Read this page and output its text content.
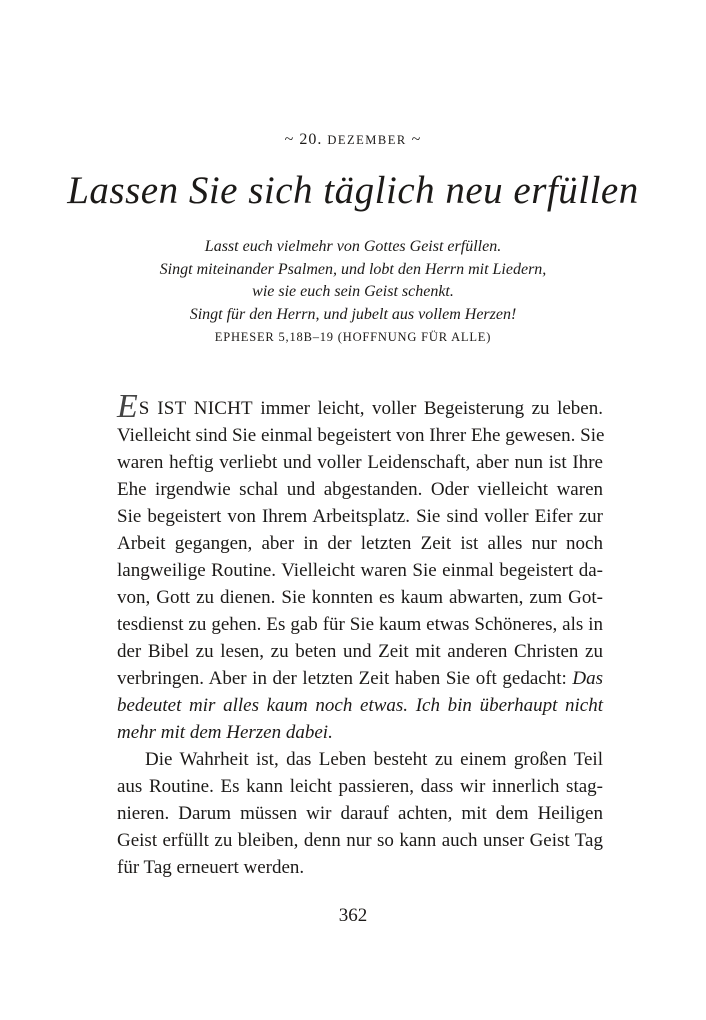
~ 20. DEZEMBER ~
Lassen Sie sich täglich neu erfüllen
Lasst euch vielmehr von Gottes Geist erfüllen.
Singt miteinander Psalmen, und lobt den Herrn mit Liedern,
wie sie euch sein Geist schenkt.
Singt für den Herrn, und jubelt aus vollem Herzen!
EPHESER 5,18B–19 (HOFFNUNG FÜR ALLE)
ES IST NICHT immer leicht, voller Begeisterung zu leben.
Vielleicht sind Sie einmal begeistert von Ihrer Ehe gewesen. Sie
waren heftig verliebt und voller Leidenschaft, aber nun ist Ihre
Ehe irgendwie schal und abgestanden. Oder vielleicht waren
Sie begeistert von Ihrem Arbeitsplatz. Sie sind voller Eifer zur
Arbeit gegangen, aber in der letzten Zeit ist alles nur noch
langweilige Routine. Vielleicht waren Sie einmal begeistert da-
von, Gott zu dienen. Sie konnten es kaum abwarten, zum Got-
tesdienst zu gehen. Es gab für Sie kaum etwas Schöneres, als in
der Bibel zu lesen, zu beten und Zeit mit anderen Christen zu
verbringen. Aber in der letzten Zeit haben Sie oft gedacht: Das
bedeutet mir alles kaum noch etwas. Ich bin überhaupt nicht
mehr mit dem Herzen dabei.
Die Wahrheit ist, das Leben besteht zu einem großen Teil
aus Routine. Es kann leicht passieren, dass wir innerlich stag-
nieren. Darum müssen wir darauf achten, mit dem Heiligen
Geist erfüllt zu bleiben, denn nur so kann auch unser Geist Tag
für Tag erneuert werden.
362
